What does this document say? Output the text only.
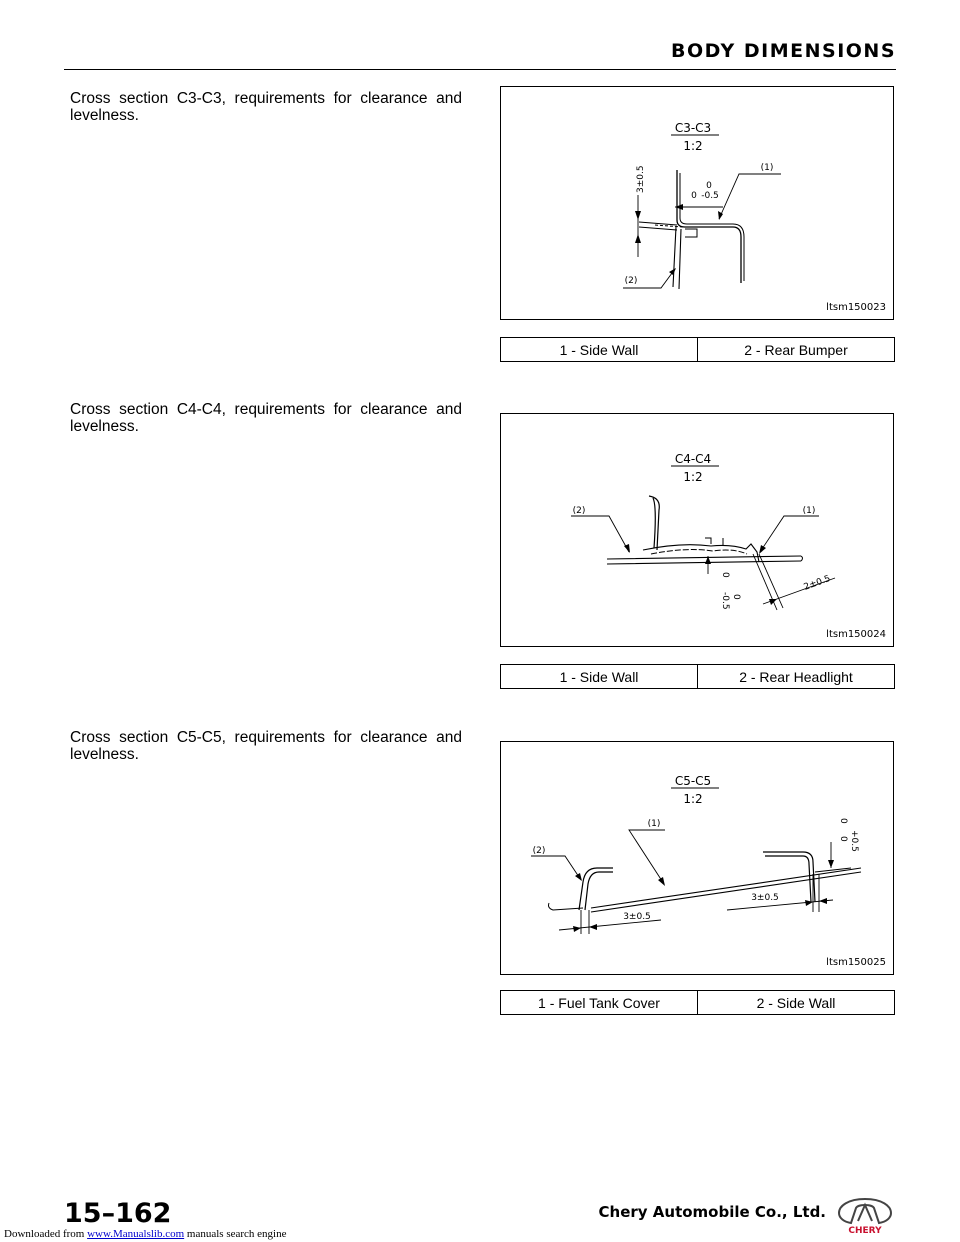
BODY DIMENSIONS
Cross section C3-C3, requirements for clearance and levelness.
C3-C3
1:2
(1)
(2)
3±0.5	0
0 -0.5
ltsm150023
1 - Side Wall	2 - Rear Bumper
Cross section C4-C4, requirements for clearance and levelness.
C4-C4
1:2
(2)	(1)
0
0
-0.5
2±0.5
ltsm150024
1 - Side Wall	2 - Rear Headlight
Cross section C5-C5, requirements for clearance and levelness.
C5-C5
1:2
(1)
(2)
3±0.5
3±0.5
0
+0.5
0
ltsm150025
1 - Fuel Tank Cover	2 - Side Wall
15–162	Chery Automobile Co., Ltd.
CHERY
Downloaded from www.Manualslib.com manuals search engine
